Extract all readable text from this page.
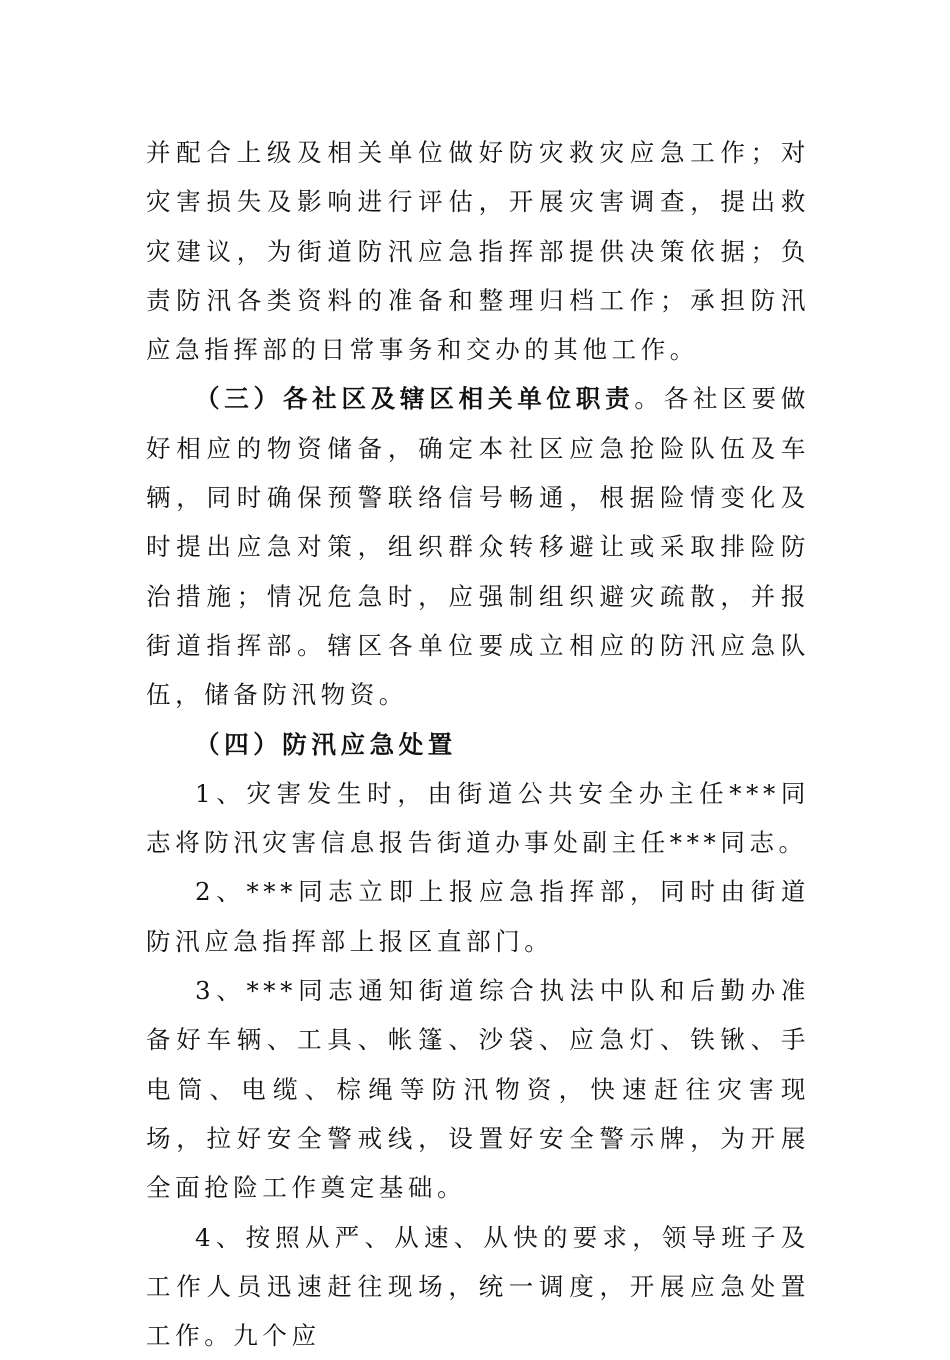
并配合上级及相关单位做好防灾救灾应急工作；对灾害损失及影响进行评估，开展灾害调查，提出救灾建议，为街道防汛应急指挥部提供决策依据；负责防汛各类资料的准备和整理归档工作；承担防汛应急指挥部的日常事务和交办的其他工作。

（三）各社区及辖区相关单位职责。各社区要做好相应的物资储备，确定本社区应急抢险队伍及车辆，同时确保预警联络信号畅通，根据险情变化及时提出应急对策，组织群众转移避让或采取排险防治措施；情况危急时，应强制组织避灾疏散，并报街道指挥部。辖区各单位要成立相应的防汛应急队伍，储备防汛物资。

（四）防汛应急处置

1、灾害发生时，由街道公共安全办主任***同志将防汛灾害信息报告街道办事处副主任***同志。

2、***同志立即上报应急指挥部，同时由街道防汛应急指挥部上报区直部门。

3、***同志通知街道综合执法中队和后勤办准备好车辆、工具、帐篷、沙袋、应急灯、铁锹、手电筒、电缆、棕绳等防汛物资，快速赶往灾害现场，拉好安全警戒线，设置好安全警示牌，为开展全面抢险工作奠定基础。

4、按照从严、从速、从快的要求，领导班子及工作人员迅速赶往现场，统一调度，开展应急处置工作。九个应
